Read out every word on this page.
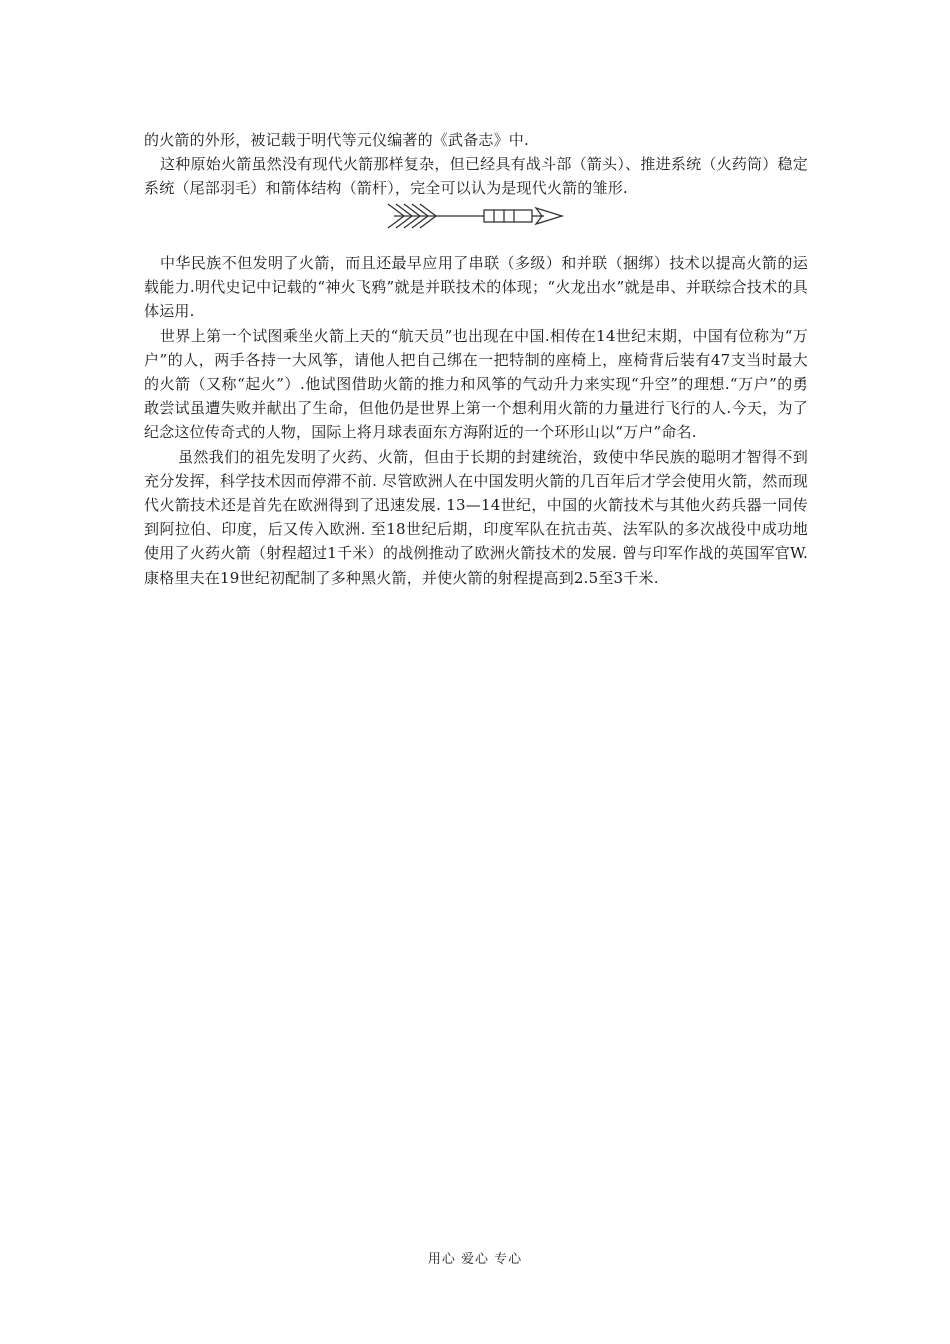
的火箭的外形，被记载于明代等元仪编著的《武备志》中.

这种原始火箭虽然没有现代火箭那样复杂，但已经具有战斗部（箭头）、推进系统（火药筒）稳定系统（尾部羽毛）和箭体结构（箭杆），完全可以认为是现代火箭的雏形.

中华民族不但发明了火箭，而且还最早应用了串联（多级）和并联（捆绑）技术以提高火箭的运载能力.明代史记中记载的“神火飞鸦”就是并联技术的体现；“火龙出水”就是串、并联综合技术的具体运用.

世界上第一个试图乘坐火箭上天的“航天员”也出现在中国.相传在14世纪末期，中国有位称为“万户”的人，两手各持一大风筝，请他人把自己绑在一把特制的座椅上，座椅背后装有47支当时最大的火箭（又称“起火”）.他试图借助火箭的推力和风筝的气动升力来实现“升空”的理想.“万户”的勇敢尝试虽遭失败并献出了生命，但他仍是世界上第一个想利用火箭的力量进行飞行的人.今天，为了纪念这位传奇式的人物，国际上将月球表面东方海附近的一个环形山以“万户”命名.

虽然我们的祖先发明了火药、火箭，但由于长期的封建统治，致使中华民族的聪明才智得不到充分发挥，科学技术因而停滞不前. 尽管欧洲人在中国发明火箭的几百年后才学会使用火箭，然而现代火箭技术还是首先在欧洲得到了迅速发展. 13—14世纪，中国的火箭技术与其他火药兵器一同传到阿拉伯、印度，后又传入欧洲. 至18世纪后期，印度军队在抗击英、法军队的多次战役中成功地使用了火药火箭（射程超过1千米）的战例推动了欧洲火箭技术的发展. 曾与印军作战的英国军官W. 康格里夫在19世纪初配制了多种黑火箭，并使火箭的射程提高到2.5至3千米.

用心 爱心 专心
